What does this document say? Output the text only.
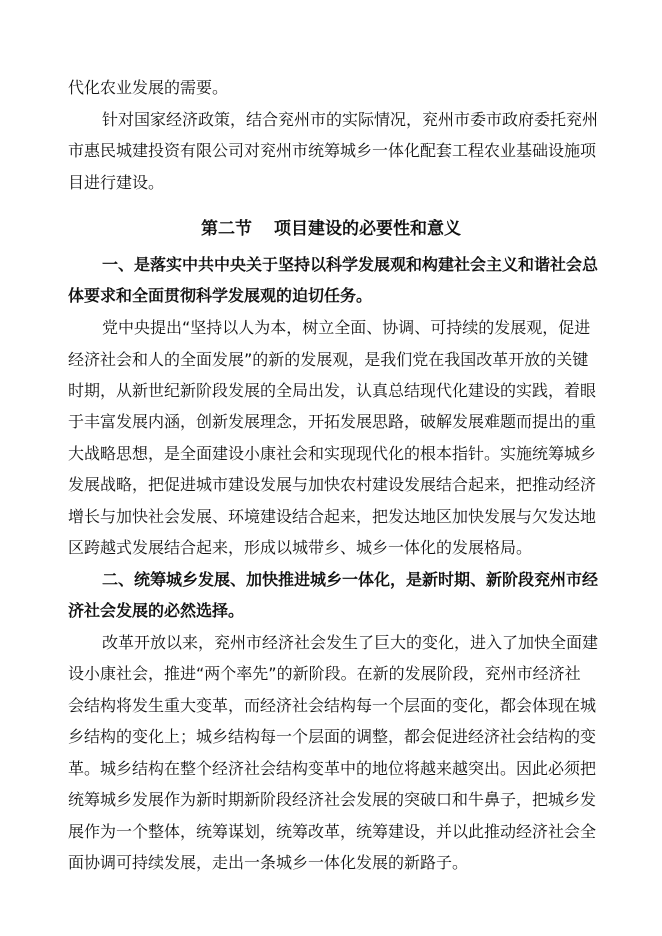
代化农业发展的需要。
针对国家经济政策，结合兖州市的实际情况，兖州市委市政府委托兖州
市惠民城建投资有限公司对兖州市统筹城乡一体化配套工程农业基础设施项
目进行建设。
第二节 项目建设的必要性和意义
一、是落实中共中央关于坚持以科学发展观和构建社会主义和谐社会总
体要求和全面贯彻科学发展观的迫切任务。
党中央提出“坚持以人为本，树立全面、协调、可持续的发展观，促进
经济社会和人的全面发展”的新的发展观，是我们党在我国改革开放的关键
时期，从新世纪新阶段发展的全局出发，认真总结现代化建设的实践，着眼
于丰富发展内涵，创新发展理念，开拓发展思路，破解发展难题而提出的重
大战略思想，是全面建设小康社会和实现现代化的根本指针。实施统筹城乡
发展战略，把促进城市建设发展与加快农村建设发展结合起来，把推动经济
增长与加快社会发展、环境建设结合起来，把发达地区加快发展与欠发达地
区跨越式发展结合起来，形成以城带乡、城乡一体化的发展格局。
二、统筹城乡发展、加快推进城乡一体化，是新时期、新阶段兖州市经
济社会发展的必然选择。
改革开放以来，兖州市经济社会发生了巨大的变化，进入了加快全面建
设小康社会，推进“两个率先”的新阶段。在新的发展阶段，兖州市经济社
会结构将发生重大变革，而经济社会结构每一个层面的变化，都会体现在城
乡结构的变化上；城乡结构每一个层面的调整，都会促进经济社会结构的变
革。城乡结构在整个经济社会结构变革中的地位将越来越突出。因此必须把
统筹城乡发展作为新时期新阶段经济社会发展的突破口和牛鼻子，把城乡发
展作为一个整体，统筹谋划，统筹改革，统筹建设，并以此推动经济社会全
面协调可持续发展，走出一条城乡一体化发展的新路子。
